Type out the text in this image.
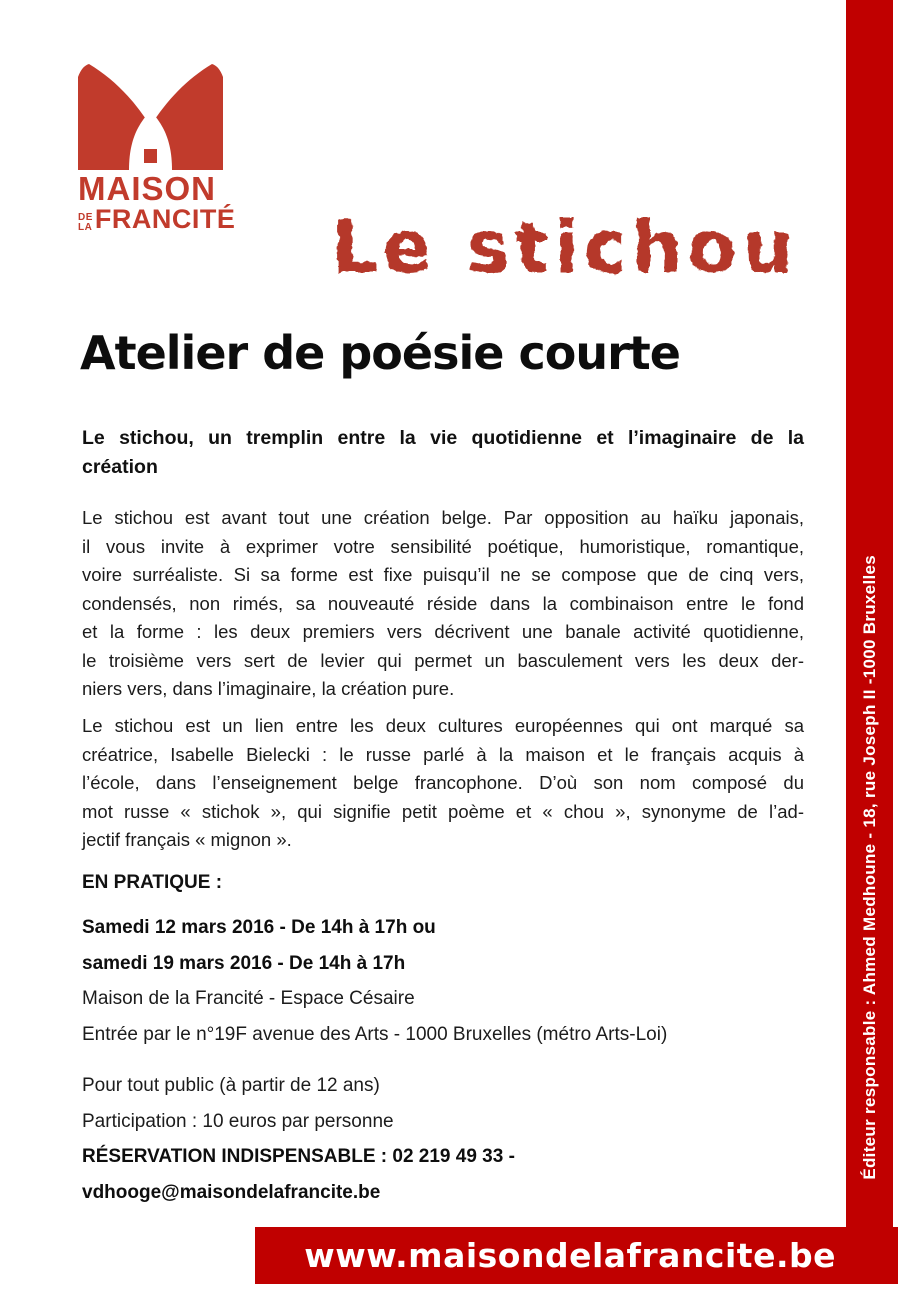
Éditeur responsable : Ahmed Medhoune - 18, rue Joseph II -1000 Bruxelles
MAISON
DE
LA FRANCITÉ Le stichou
Atelier de poésie courte
Le stichou, un tremplin entre la vie quotidienne et l’imaginaire de la
création
Le stichou est avant tout une création belge. Par opposition au haïku japonais,
il vous invite à exprimer votre sensibilité poétique, humoristique, romantique,
voire surréaliste. Si sa forme est fixe puisqu’il ne se compose que de cinq vers,
condensés, non rimés, sa nouveauté réside dans la combinaison entre le fond
et la forme : les deux premiers vers décrivent une banale activité quotidienne,
le troisième vers sert de levier qui permet un basculement vers les deux der-
niers vers, dans l’imaginaire, la création pure.
Le stichou est un lien entre les deux cultures européennes qui ont marqué sa
créatrice, Isabelle Bielecki : le russe parlé à la maison et le français acquis à
l’école, dans l’enseignement belge francophone. D’où son nom composé du
mot russe « stichok », qui signifie petit poème et « chou », synonyme de l’ad-
jectif français « mignon ».
EN PRATIQUE :
Samedi 12 mars 2016 - De 14h à 17h ou
samedi 19 mars 2016 - De 14h à 17h
Maison de la Francité - Espace Césaire
Entrée par le n°19F avenue des Arts - 1000 Bruxelles (métro Arts-Loi)
Pour tout public (à partir de 12 ans)
Participation : 10 euros par personne
RÉSERVATION INDISPENSABLE : 02 219 49 33 - vdhooge@maisondelafrancite.be
www.maisondelafrancite.be
